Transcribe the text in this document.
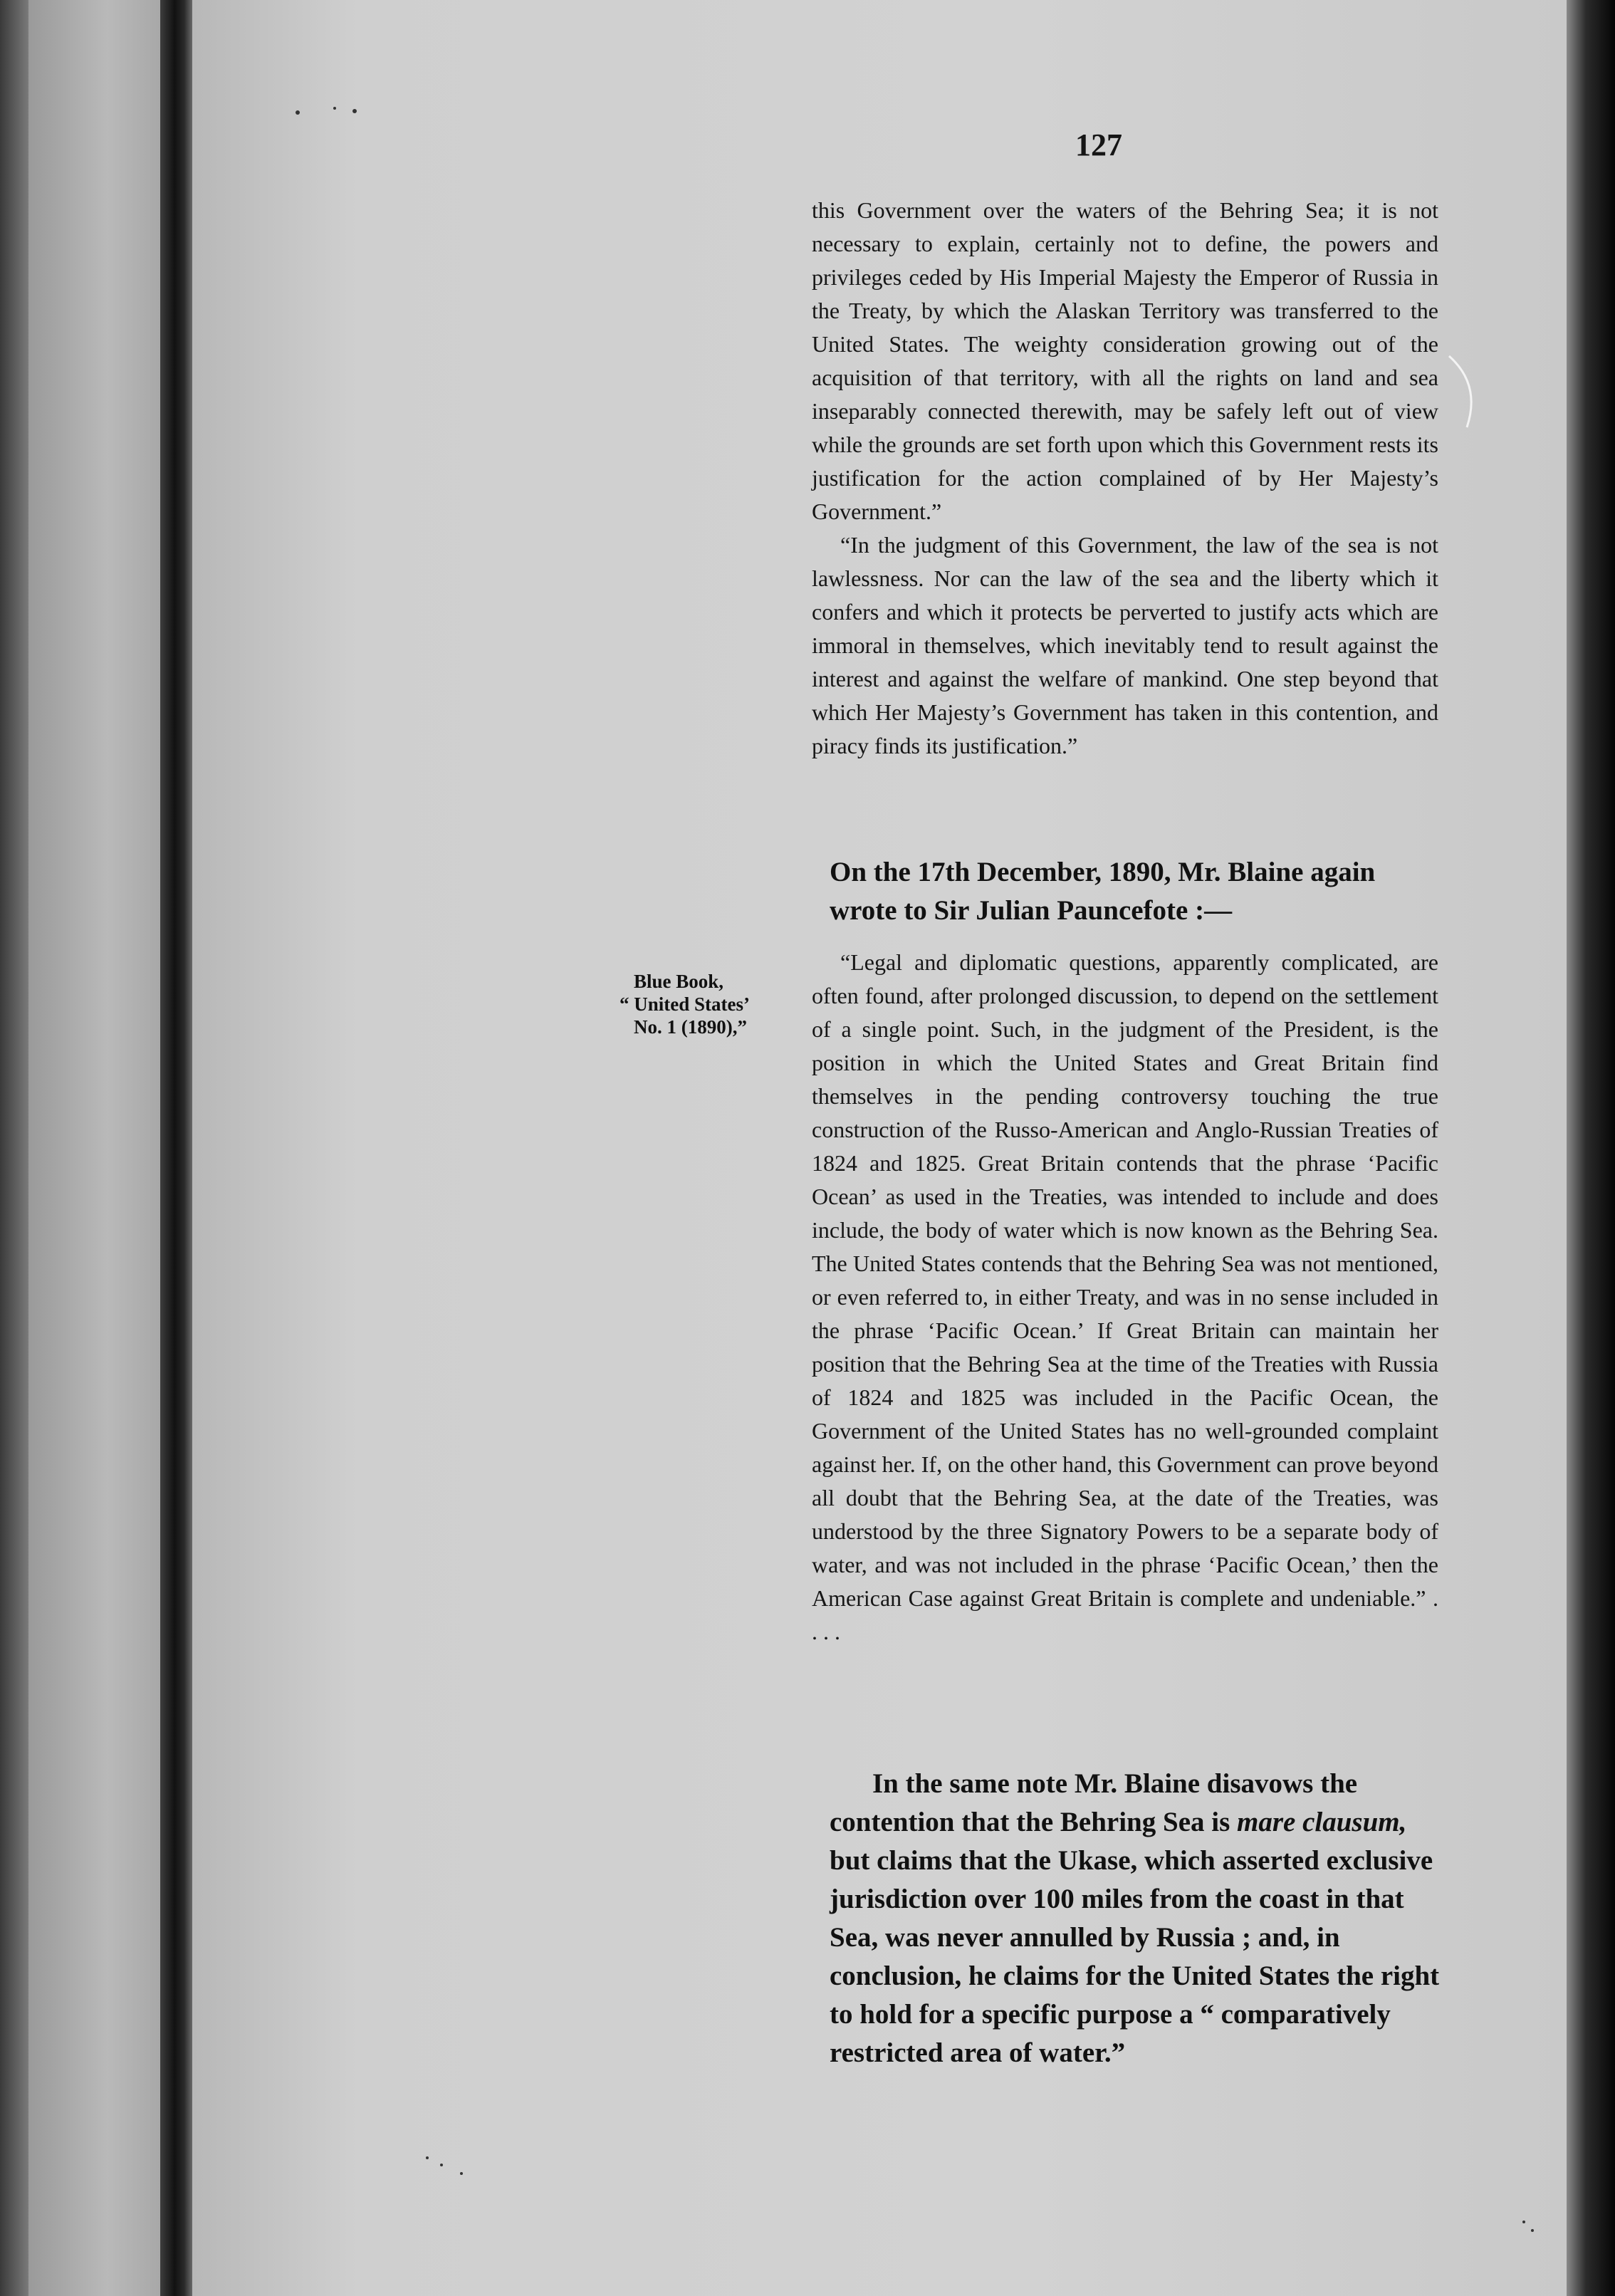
127

this Government over the waters of the Behring Sea; it is not necessary to explain, certainly not to define, the powers and privileges ceded by His Imperial Majesty the Emperor of Russia in the Treaty, by which the Alaskan Territory was transferred to the United States. The weighty consideration growing out of the acquisition of that territory, with all the rights on land and sea inseparably connected therewith, may be safely left out of view while the grounds are set forth upon which this Government rests its justification for the action complained of by Her Majesty’s Government.”

“In the judgment of this Government, the law of the sea is not lawlessness. Nor can the law of the sea and the liberty which it confers and which it protects be perverted to justify acts which are immoral in themselves, which inevitably tend to result against the interest and against the welfare of mankind. One step beyond that which Her Majesty’s Government has taken in this contention, and piracy finds its justification.”

On the 17th December, 1890, Mr. Blaine again wrote to Sir Julian Pauncefote :—

Blue Book,
“ United States’
No. 1 (1890),”

“Legal and diplomatic questions, apparently complicated, are often found, after prolonged discussion, to depend on the settlement of a single point. Such, in the judgment of the President, is the position in which the United States and Great Britain find themselves in the pending controversy touching the true construction of the Russo-American and Anglo-Russian Treaties of 1824 and 1825. Great Britain contends that the phrase ‘Pacific Ocean’ as used in the Treaties, was intended to include and does include, the body of water which is now known as the Behring Sea. The United States contends that the Behring Sea was not mentioned, or even referred to, in either Treaty, and was in no sense included in the phrase ‘Pacific Ocean.’ If Great Britain can maintain her position that the Behring Sea at the time of the Treaties with Russia of 1824 and 1825 was included in the Pacific Ocean, the Government of the United States has no well-grounded complaint against her. If, on the other hand, this Government can prove beyond all doubt that the Behring Sea, at the date of the Treaties, was understood by the three Signatory Powers to be a separate body of water, and was not included in the phrase ‘Pacific Ocean,’ then the American Case against Great Britain is complete and undeniable.” . . . .

In the same note Mr. Blaine disavows the contention that the Behring Sea is mare clausum, but claims that the Ukase, which asserted exclusive jurisdiction over 100 miles from the coast in that Sea, was never annulled by Russia ; and, in conclusion, he claims for the United States the right to hold for a specific purpose a “ comparatively restricted area of water.”
